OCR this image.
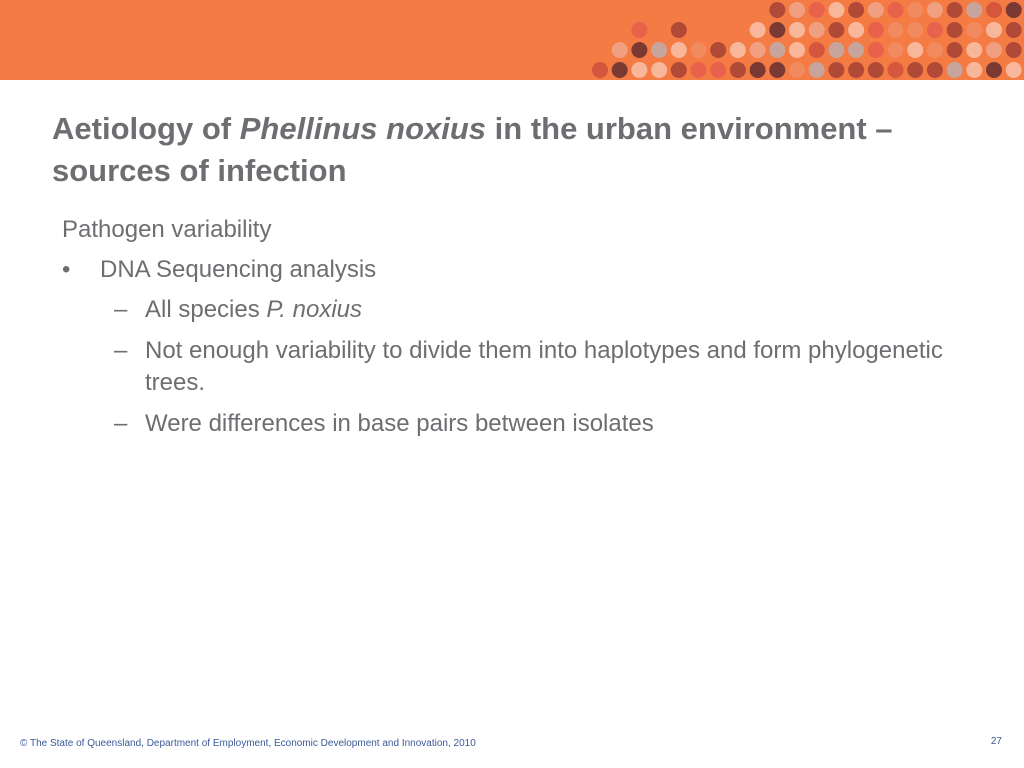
Aetiology of Phellinus noxius in the urban environment – sources of infection
Pathogen variability
• DNA Sequencing analysis
– All species P. noxius
– Not enough variability to divide them into haplotypes and form phylogenetic trees.
– Were differences in base pairs between isolates
© The State of Queensland, Department of Employment, Economic Development and Innovation, 2010	27
